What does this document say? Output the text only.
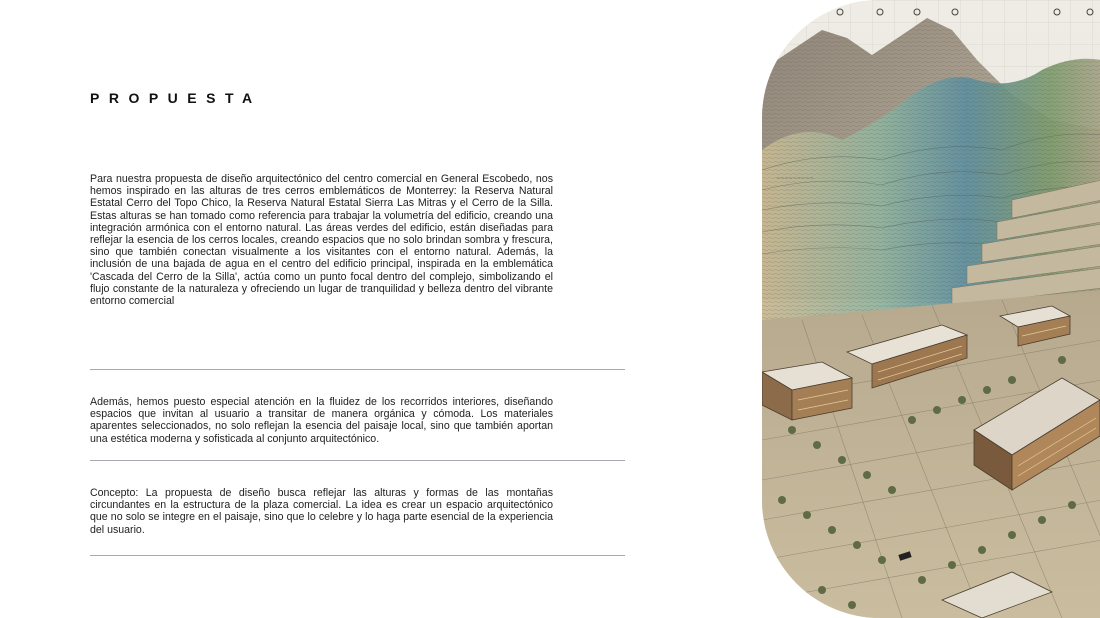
PROPUESTA

Para nuestra propuesta de diseño arquitectónico del centro comercial en General Escobedo, nos hemos inspirado en las alturas de tres cerros emblemáticos de Monterrey: la Reserva Natural Estatal Cerro del Topo Chico, la Reserva Natural Estatal Sierra Las Mitras y el Cerro de la Silla. Estas alturas se han tomado como referencia para trabajar la volumetría del edificio, creando una integración armónica con el entorno natural. Las áreas verdes del edificio, están diseñadas para reflejar la esencia de los cerros locales, creando espacios que no solo brindan sombra y frescura, sino que también conectan visualmente a los visitantes con el entorno natural. Además, la inclusión de una bajada de agua en el centro del edificio principal, inspirada en la emblemática 'Cascada del Cerro de la Silla', actúa como un punto focal dentro del complejo, simbolizando el flujo constante de la naturaleza y ofreciendo un lugar de tranquilidad y belleza dentro del vibrante entorno comercial

Además, hemos puesto especial atención en la fluidez de los recorridos interiores, diseñando espacios que invitan al usuario a transitar de manera orgánica y cómoda. Los materiales aparentes seleccionados, no solo reflejan la esencia del paisaje local, sino que también aportan una estética moderna y sofisticada al conjunto arquitectónico.

Concepto: La propuesta de diseño busca reflejar las alturas y formas de las montañas circundantes en la estructura de la plaza comercial. La idea es crear un espacio arquitectónico que no solo se integre en el paisaje, sino que lo celebre y lo haga parte esencial de la experiencia del usuario.

~~~~~~~~~
